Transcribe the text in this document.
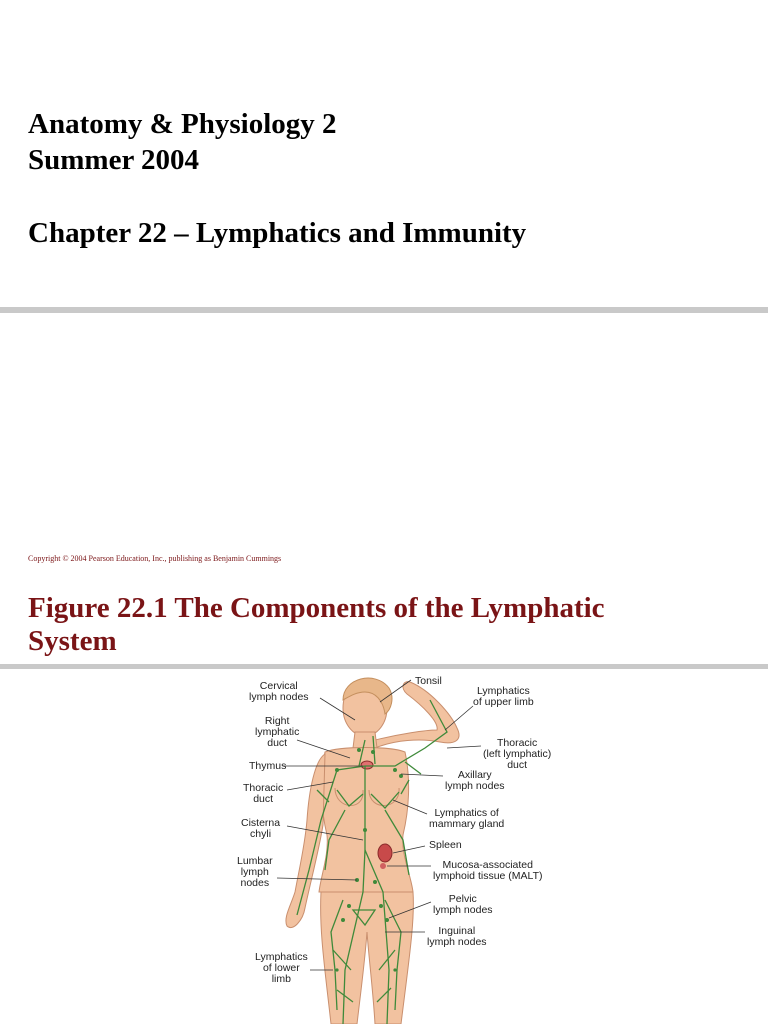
Anatomy & Physiology 2
Summer 2004
Chapter 22 – Lymphatics and Immunity
Copyright © 2004 Pearson Education, Inc., publishing as Benjamin Cummings
Figure 22.1 The Components of the Lymphatic
System
Cervical
lymph nodes
Right
lymphatic
duct
Thymus
Thoracic
duct
Cisterna
chyli
Lumbar
lymph
nodes
Lymphatics
of lower
limb
Tonsil
Lymphatics
of upper limb
Thoracic
(left lymphatic)
duct
Axillary
lymph nodes
Lymphatics of
mammary gland
Spleen
Mucosa-associated
lymphoid tissue (MALT)
Pelvic
lymph nodes
Inguinal
lymph nodes
